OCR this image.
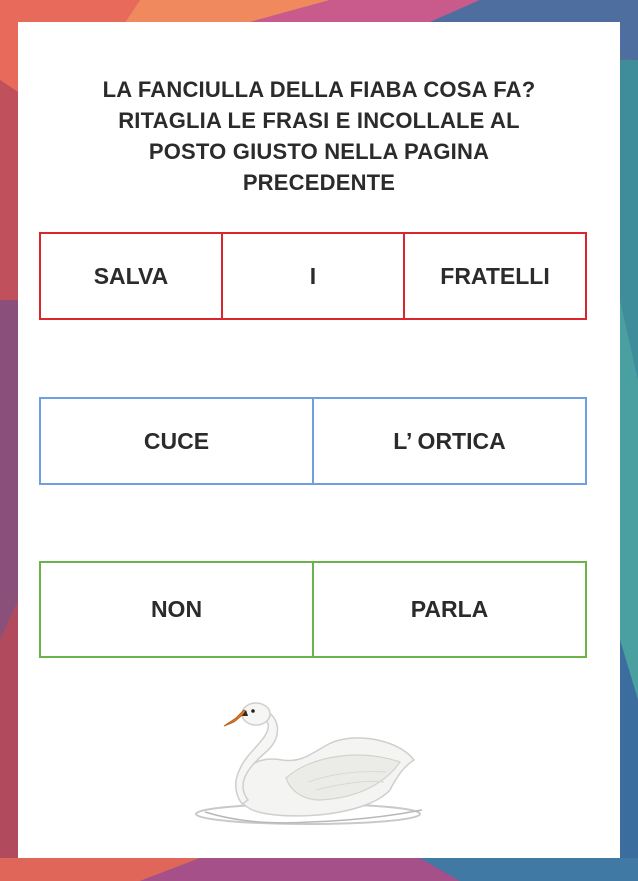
LA FANCIULLA DELLA FIABA COSA FA?
RITAGLIA LE FRASI E INCOLLALE AL
POSTO GIUSTO NELLA PAGINA
PRECEDENTE
SALVA	I	FRATELLI
CUCE	L’ ORTICA
NON	PARLA
